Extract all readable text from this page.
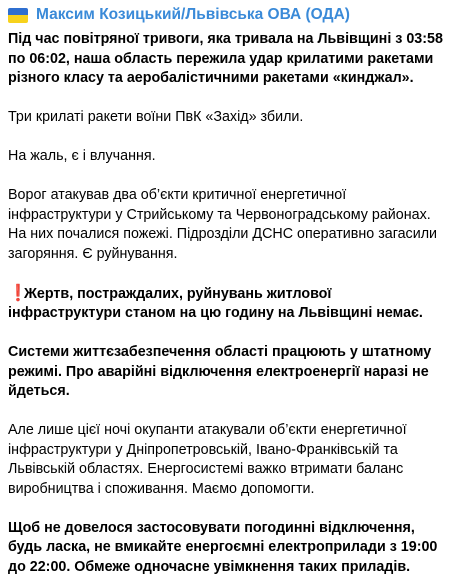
Максим Козицький/Львівська ОВА (ОДА)

Під час повітряної тривоги, яка тривала на Львівщині з 03:58 по 06:02, наша область пережила удар крилатими ракетами різного класу та аеробалістичними ракетами «кинджал».

Три крилаті ракети воїни ПвК «Захід» збили.

На жаль, є і влучання.

Ворог атакував два об’єкти критичної енергетичної інфраструктури у Стрийському та Червоноградському районах. На них почалися пожежі. Підрозділи ДСНС оперативно загасили загоряння. Є руйнування.

❗Жертв, постраждалих, руйнувань житлової інфраструктури станом на цю годину на Львівщині немає.

Системи життєзабезпечення області працюють у штатному режимі. Про аварійні відключення електроенергії наразі не йдеться.

Але лише цієї ночі окупанти атакували об’єкти енергетичної інфраструктури у Дніпропетровській, Івано-Франківській та Львівській областях. Енергосистемі важко втримати баланс виробництва і споживання. Маємо допомогти.

Щоб не довелося застосовувати погодинні відключення, будь ласка, не вмикайте енергоємні електроприлади з 19:00 до 22:00. Обмеже одночасне увімкнення таких приладів.
